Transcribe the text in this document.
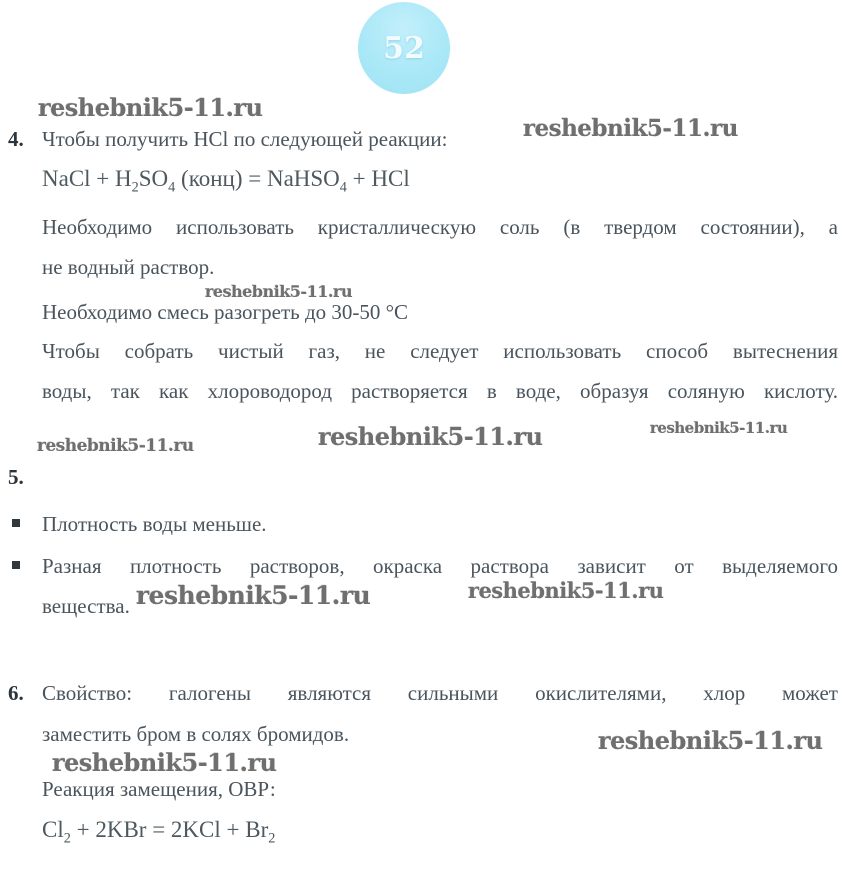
52
reshebnik5-11.ru
reshebnik5-11.ru
reshebnik5-11.ru
reshebnik5-11.ru	reshebnik5-11.ru	reshebnik5-11.ru
reshebnik5-11.ru	reshebnik5-11.ru
reshebnik5-11.ru
reshebnik5-11.ru
4. Чтобы получить HCl по следующей реакции:
NaCl + $H_2SO_4$ (конц) = NaHSO$_4$ + HCl
Необходимо использовать кристаллическую соль (в твердом состоянии), а
не водный раствор.
Необходимо смесь разогреть до 30-50 °C
Чтобы собрать чистый газ, не следует использовать способ вытеснения
воды, так как хлороводород растворяется в воде, образуя соляную кислоту.
5.
Плотность воды меньше.
Разная плотность растворов, окраска раствора зависит от выделяемого
вещества.
6. Свойство: галогены являются сильными окислителями, хлор может
заместить бром в солях бромидов.
Реакция замещения, ОВР:
$Cl_2 + 2KBr = 2KCl + Br_2$
